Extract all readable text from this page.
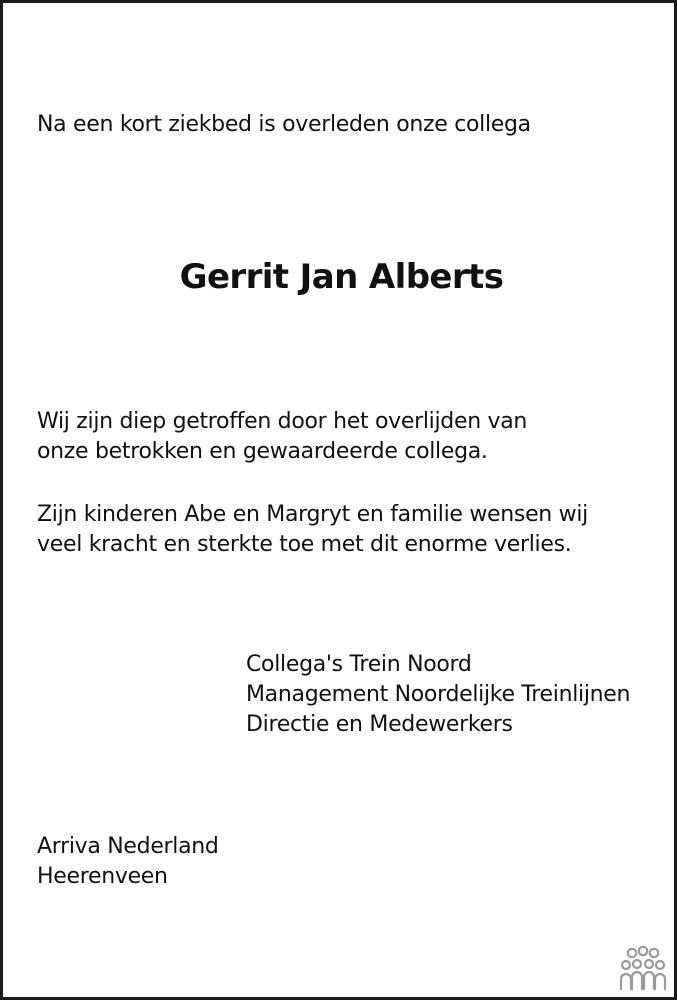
Na een kort ziekbed is overleden onze collega
Gerrit Jan Alberts
Wij zijn diep getroffen door het overlijden van
onze betrokken en gewaardeerde collega.
Zijn kinderen Abe en Margryt en familie wensen wij
veel kracht en sterkte toe met dit enorme verlies.
Collega's Trein Noord
Management Noordelijke Treinlijnen
Directie en Medewerkers
Arriva Nederland
Heerenveen
